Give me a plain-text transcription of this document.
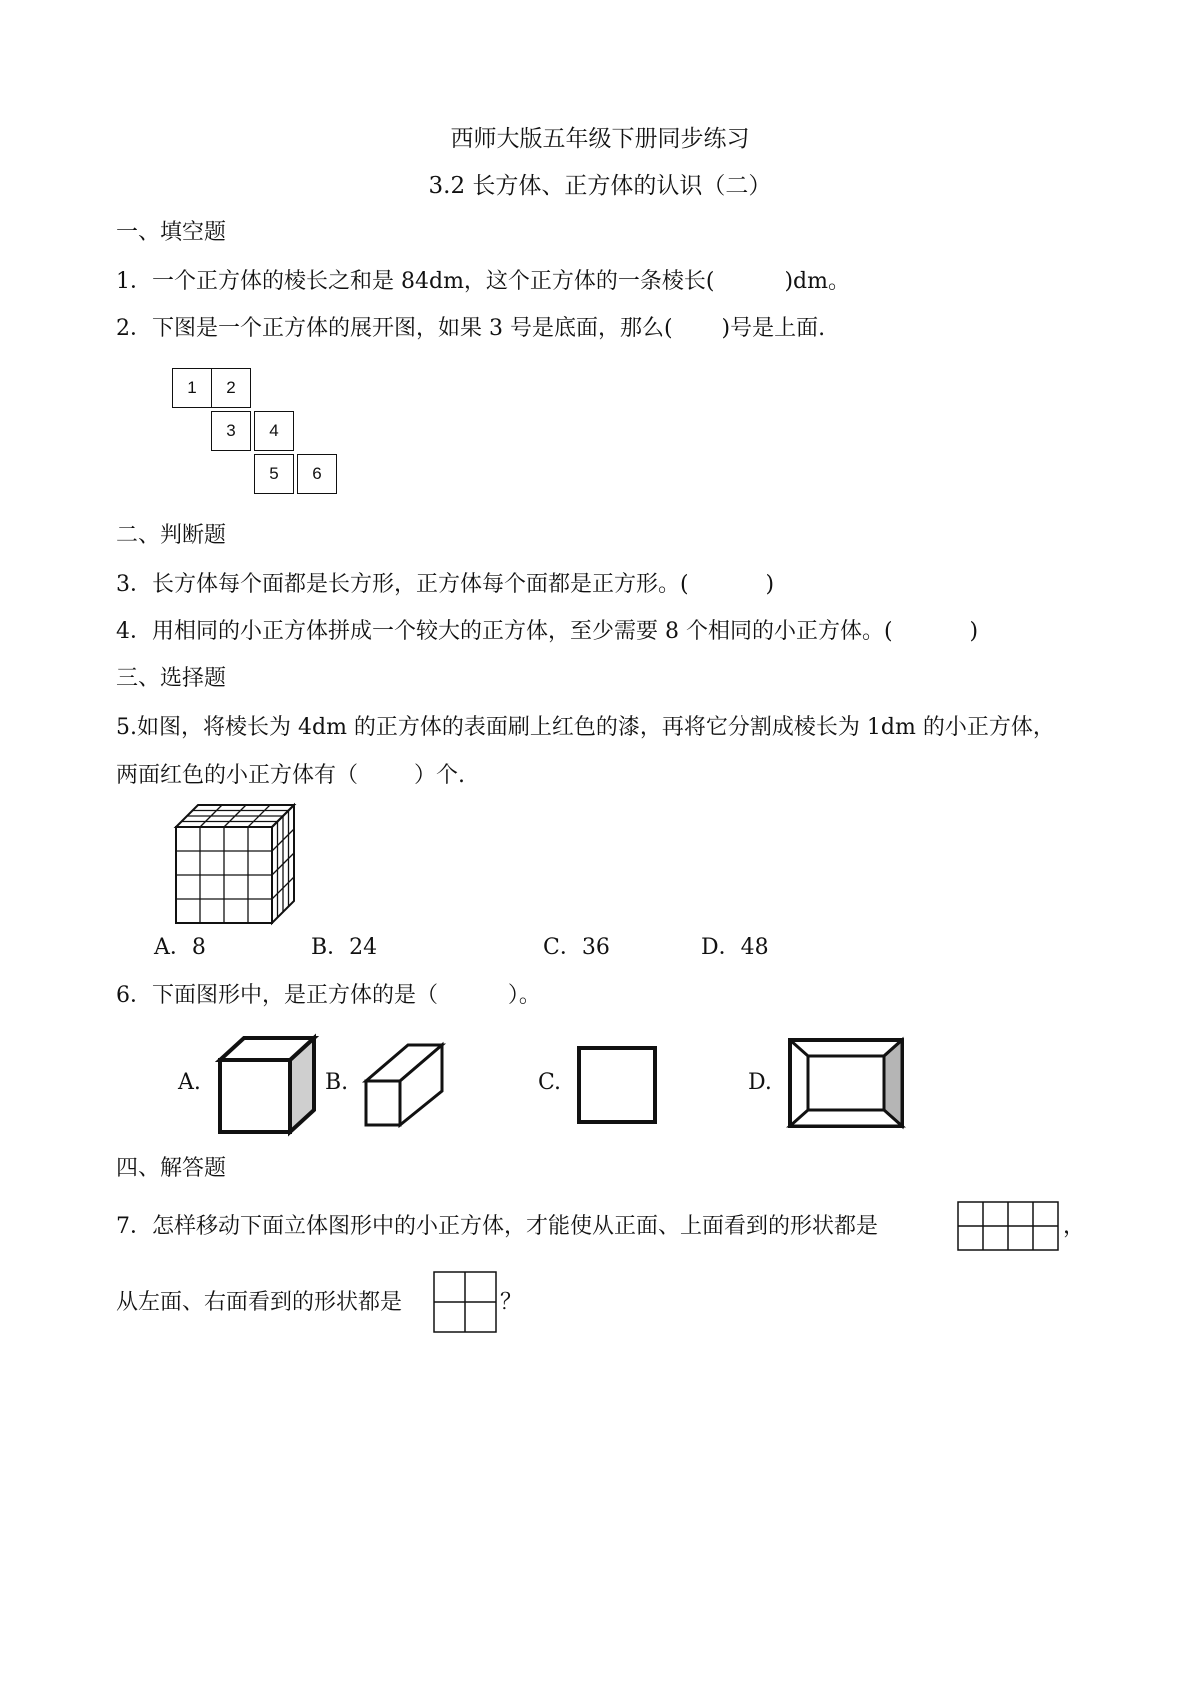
西师大版五年级下册同步练习
3.2 长方体、正方体的认识（二）
一、填空题
1．一个正方体的棱长之和是 84dm，这个正方体的一条棱长(          )dm。
2．下图是一个正方体的展开图，如果 3 号是底面，那么(       )号是上面.
1	2
3	4
5	6
二、判断题
3．长方体每个面都是长方形，正方体每个面都是正方形。(           )
4．用相同的小正方体拼成一个较大的正方体，至少需要 8 个相同的小正方体。(           )
三、选择题
5.如图，将棱长为 4dm 的正方体的表面刷上红色的漆，再将它分割成棱长为 1dm 的小正方体，
两面红色的小正方体有（        ）个.
A．8	B．24	C．36	D．48
6．下面图形中，是正方体的是（          ）。
A.	B.	C.	D.
四、解答题
7．怎样移动下面立体图形中的小正方体，才能使从正面、上面看到的形状都是	，
从左面、右面看到的形状都是	？
